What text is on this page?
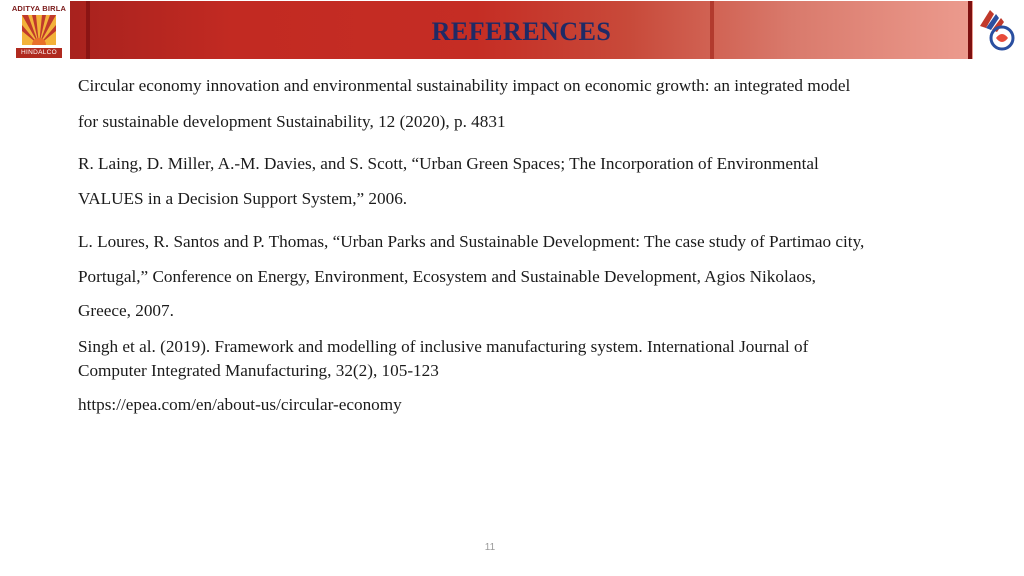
ADITYA BIRLA
HINDALCO
REFERENCES
Circular economy innovation and environmental sustainability impact on economic growth: an integrated model
for sustainable development Sustainability, 12 (2020), p. 4831
R. Laing, D. Miller, A.-M. Davies, and S. Scott, “Urban Green Spaces; The Incorporation of Environmental
VALUES in a Decision Support System,” 2006.
L. Loures, R. Santos and P. Thomas, “Urban Parks and Sustainable Development: The case study of Partimao city,
Portugal,” Conference on Energy, Environment, Ecosystem and Sustainable Development, Agios Nikolaos,
Greece, 2007.
Singh et al. (2019). Framework and modelling of inclusive manufacturing system. International Journal of
Computer Integrated Manufacturing, 32(2), 105-123
https://epea.com/en/about-us/circular-economy
11
